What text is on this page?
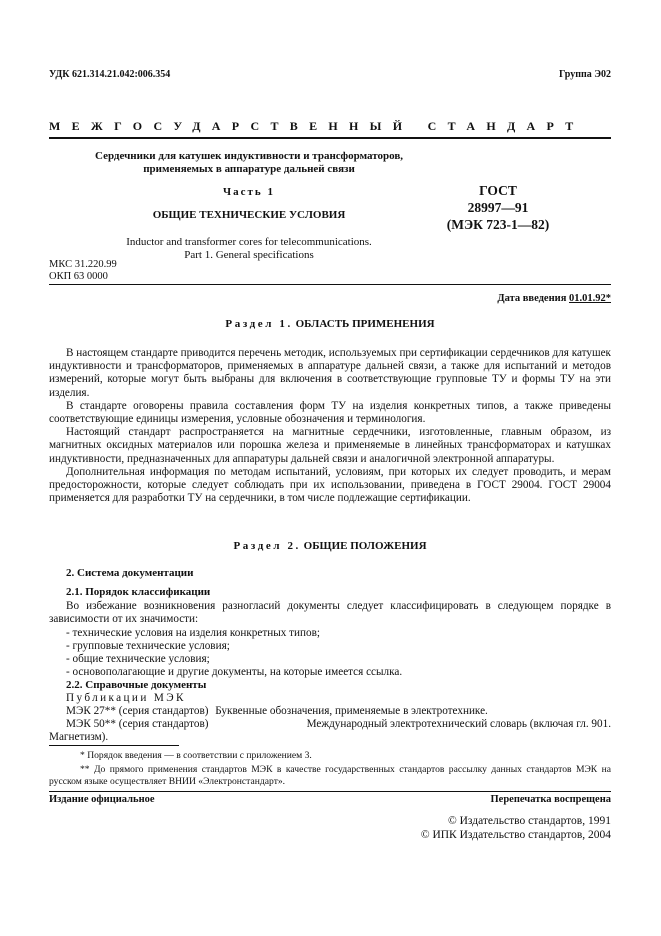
УДК 621.314.21.042:006.354	Группа Э02
МЕЖГОСУДАРСТВЕННЫЙ СТАНДАРТ
Сердечники для катушек индуктивности и трансформаторов,
применяемых в аппаратуре дальней связи
Часть 1
ОБЩИЕ ТЕХНИЧЕСКИЕ УСЛОВИЯ
ГОСТ
28997—91
(МЭК 723-1—82)
Inductor and transformer cores for telecommunications.
Part 1. General specifications
МКС 31.220.99
ОКП 63 0000
Дата введения 01.01.92*
Раздел 1. ОБЛАСТЬ ПРИМЕНЕНИЯ

В настоящем стандарте приводится перечень методик, используемых при сертификации сердечников для катушек индуктивности и трансформаторов, применяемых в аппаратуре дальней связи, а также для испытаний и методов измерений, которые могут быть выбраны для включения в соответствующие групповые ТУ и формы ТУ на эти изделия.

В стандарте оговорены правила составления форм ТУ на изделия конкретных типов, а также приведены соответствующие единицы измерения, условные обозначения и терминология.

Настоящий стандарт распространяется на магнитные сердечники, изготовленные, главным образом, из магнитных оксидных материалов или порошка железа и применяемые в линейных трансформаторах и катушках индуктивности, предназначенных для аппаратуры дальней связи и аналогичной электронной аппаратуры.

Дополнительная информация по методам испытаний, условиям, при которых их следует проводить, и мерам предосторожности, которые следует соблюдать при их использовании, приведена в ГОСТ 29004. ГОСТ 29004 применяется для разработки ТУ на сердечники, в том числе подлежащие сертификации.

Раздел 2. ОБЩИЕ ПОЛОЖЕНИЯ
2. Система документации
2.1. Порядок классификации

Во избежание возникновения разногласий документы следует классифицировать в следующем порядке в зависимости от их значимости:

- технические условия на изделия конкретных типов;
- групповые технические условия;
- общие технические условия;
- основополагающие и другие документы, на которые имеется ссылка.
2.2. Справочные документы
Публикации МЭК
МЭК 27** (серия стандартов) Буквенные обозначения, применяемые в электротехнике.
МЭК 50** (серия стандартов)	Международный электротехнический словарь (включая гл. 901.
Магнетизм).
* Порядок введения — в соответствии с приложением 3.
** До прямого применения стандартов МЭК в качестве государственных стандартов рассылку данных стандартов МЭК на русском языке осуществляет ВНИИ «Электронстандарт».
Издание официальное	Перепечатка воспрещена
© Издательство стандартов, 1991
© ИПК Издательство стандартов, 2004
